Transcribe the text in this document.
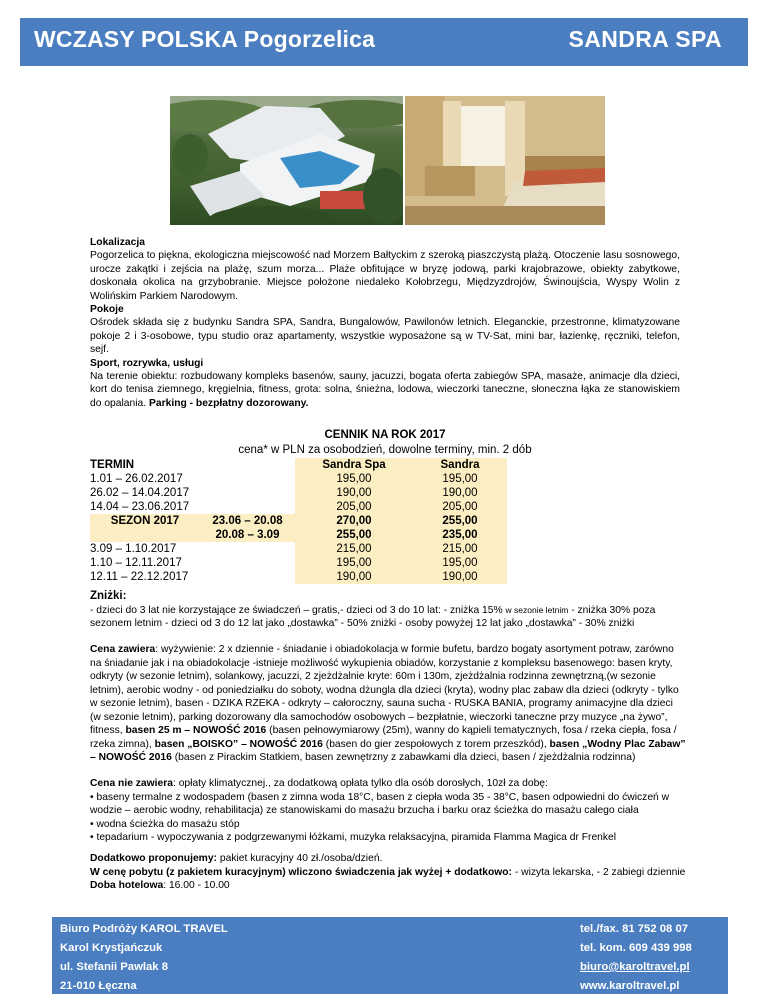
WCZASY POLSKA Pogorzelica	SANDRA SPA
Lokalizacja

Pogorzelica to piękna, ekologiczna miejscowość nad Morzem Bałtyckim z szeroką piaszczystą plażą. Otoczenie lasu sosnowego, urocze zakątki i zejścia na plażę, szum morza... Plaże obfitujące w bryzę jodową, parki krajobrazowe, obiekty zabytkowe, doskonała okolica na grzybobranie. Miejsce położone niedaleko Kołobrzegu, Międzyzdrojów, Świnoujścia, Wyspy Wolin z Wolińskim Parkiem Narodowym.

Pokoje

Ośrodek składa się z budynku Sandra SPA, Sandra, Bungalowów, Pawilonów letnich. Eleganckie, przestronne, klimatyzowane pokoje 2 i 3-osobowe, typu studio oraz apartamenty, wszystkie wyposażone są w TV-Sat, mini bar, łazienkę, ręczniki, telefon, sejf.

Sport, rozrywka, usługi

Na terenie obiektu: rozbudowany kompleks basenów, sauny, jacuzzi, bogata oferta zabiegów SPA, masaże, animacje dla dzieci, kort do tenisa ziemnego, kręgielnia, fitness, grota: solna, śnieżna, lodowa, wieczorki taneczne, słoneczna łąka ze stanowiskiem do opalania. Parking - bezpłatny dozorowany.

CENNIK NA ROK 2017
cena* w PLN za osobodzień, dowolne terminy, min. 2 dób
TERMIN		Sandra Spa	Sandra	
1.01 – 26.02.2017		195,00	195,00	
26.02 – 14.04.2017		190,00	190,00	
14.04 – 23.06.2017		205,00	205,00	
SEZON 2017	23.06 – 20.08	270,00	255,00	
	20.08 – 3.09	255,00	235,00	
3.09 – 1.10.2017		215,00	215,00	
1.10 – 12.11.2017		195,00	195,00	
12.11 – 22.12.2017		190,00	190,00	
Zniżki:
- dzieci do 3 lat nie korzystające ze świadczeń – gratis,- dzieci od 3 do 10 lat: - zniżka 15% w sezonie letnim - zniżka 30% poza sezonem letnim - dzieci od 3 do 12 lat jako „dostawka” - 50% zniżki - osoby powyżej 12 lat jako „dostawka” - 30% zniżki
Cena zawiera: wyżywienie: 2 x dziennie - śniadanie i obiadokolacja w formie bufetu, bardzo bogaty asortyment potraw, zarówno na śniadanie jak i na obiadokolacje -istnieje możliwość wykupienia obiadów, korzystanie z kompleksu basenowego: basen kryty, odkryty (w sezonie letnim), solankowy, jacuzzi, 2 zjeżdżalnie kryte: 60m i 130m, zjeżdżalnia rodzinna zewnętrzną,(w sezonie letnim), aerobic wodny - od poniedziałku do soboty, wodna dżungla dla dzieci (kryta), wodny plac zabaw dla dzieci (odkryty - tylko w sezonie letnim), basen - DZIKA RZEKA - odkryty – całoroczny, sauna sucha - RUSKA BANIA, programy animacyjne dla dzieci (w sezonie letnim), parking dozorowany dla samochodów osobowych – bezpłatnie, wieczorki taneczne przy muzyce „na żywo”, fitness, basen 25 m – NOWOŚĆ 2016 (basen pełnowymiarowy (25m), wanny do kąpieli tematycznych, fosa / rzeka ciepła, fosa / rzeka zimna), basen „BOISKO” – NOWOŚĆ 2016 (basen do gier zespołowych z torem przeszkód), basen „Wodny Plac Zabaw” – NOWOŚĆ 2016 (basen z Pirackim Statkiem, basen zewnętrzny z zabawkami dla dzieci, basen / zjeżdżalnia rodzinna)
Cena nie zawiera: opłaty klimatycznej., za dodatkową opłata tylko dla osób dorosłych, 10zł za dobę:
• baseny termalne z wodospadem (basen z zimna woda 18°C, basen z ciepła woda 35 - 38°C, basen odpowiedni do ćwiczeń w wodzie – aerobic wodny, rehabilitacja) ze stanowiskami do masażu brzucha i barku oraz ścieżka do masażu całego ciała
• wodna ścieżka do masażu stóp
• tepadarium - wypoczywania z podgrzewanymi łóżkami, muzyka relaksacyjna, piramida Flamma Magica dr Frenkel
Dodatkowo proponujemy: pakiet kuracyjny 40 zł./osoba/dzień.
W cenę pobytu (z pakietem kuracyjnym) wliczono świadczenia jak wyżej + dodatkowo: - wizyta lekarska, - 2 zabiegi dziennie
Doba hotelowa: 16.00 - 10.00
Biuro Podróży KAROL TRAVEL
Karol Krystjańczuk
ul. Stefanii Pawlak 8
21-010 Łęczna
tel./fax. 81 752 08 07
tel. kom. 609 439 998
biuro@karoltravel.pl
www.karoltravel.pl
